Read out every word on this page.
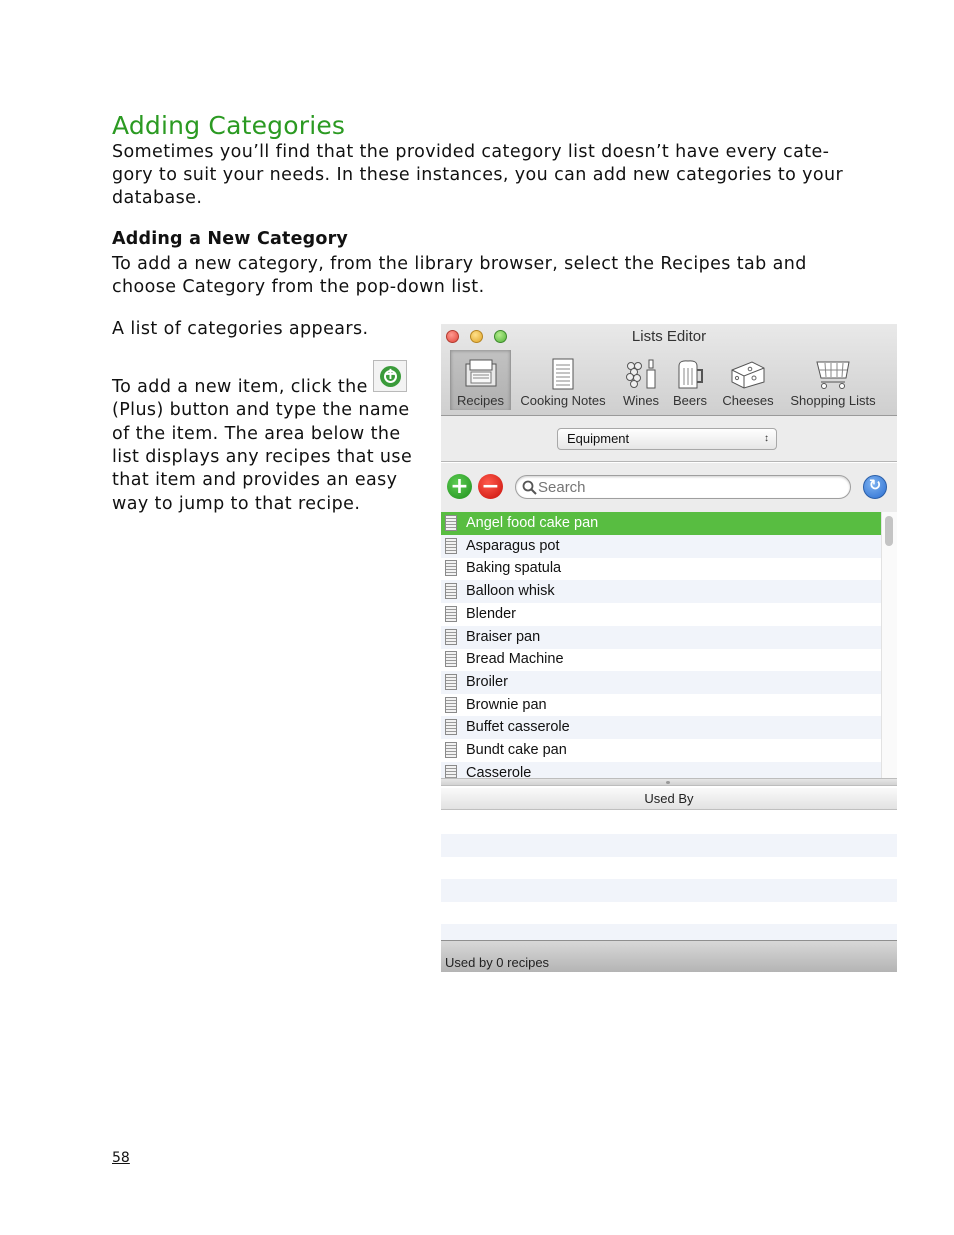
Adding Categories
Sometimes you’ll find that the provided category list doesn’t have every cate-
gory to suit your needs. In these instances, you can add new categories to your
database.
Adding a New Category
To add a new category, from the library browser, select the Recipes tab and
choose Category from the pop-down list.
A list of categories appears.
To add a new item, click the
+
(Plus) button and type the name
of the item. The area below the
list displays any recipes that use
that item and provides an easy
way to jump to that recipe.
58
Lists Editor
Recipes	Cooking Notes	Wines	Beers	Cheeses	Shopping Lists
Equipment	↕
+ −
Search	↻
Angel food cake pan
Asparagus pot
Baking spatula
Balloon whisk
Blender
Braiser pan
Bread Machine
Broiler
Brownie pan
Buffet casserole
Bundt cake pan
Casserole
Used By
Used by 0 recipes
